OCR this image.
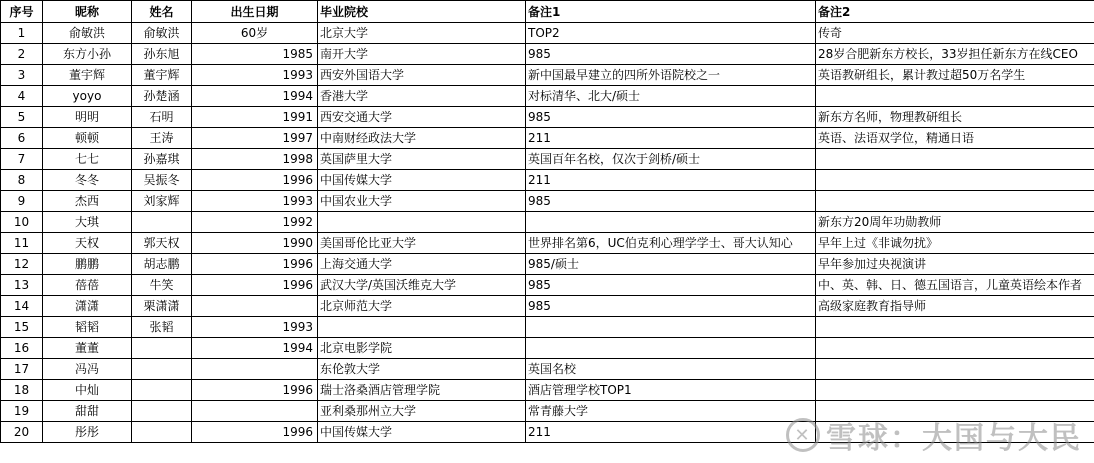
序号	昵称	姓名	出生日期	毕业院校	备注1	备注2
1	俞敏洪	俞敏洪	60岁	北京大学	TOP2	传奇
2	东方小孙	孙东旭	1985	南开大学	985	28岁合肥新东方校长，33岁担任新东方在线CEO
3	董宇辉	董宇辉	1993	西安外国语大学	新中国最早建立的四所外语院校之一	英语教研组长，累计教过超50万名学生
4	yoyo	孙楚涵	1994	香港大学	对标清华、北大/硕士	
5	明明	石明	1991	西安交通大学	985	新东方名师，物理教研组长
6	顿顿	王涛	1997	中南财经政法大学	211	英语、法语双学位，精通日语
7	七七	孙嘉琪	1998	英国萨里大学	英国百年名校，仅次于剑桥/硕士	
8	冬冬	吴振冬	1996	中国传媒大学	211	
9	杰西	刘家辉	1993	中国农业大学	985	
10	大琪		1992			新东方20周年功勋教师
11	天权	郭天权	1990	美国哥伦比亚大学	世界排名第6，UC伯克利心理学学士、哥大认知心	早年上过《非诚勿扰》
12	鹏鹏	胡志鹏	1996	上海交通大学	985/硕士	早年参加过央视演讲
13	蓓蓓	牛笑	1996	武汉大学/英国沃维克大学	985	中、英、韩、日、德五国语言，儿童英语绘本作者
14	潇潇	栗潇潇		北京师范大学	985	高级家庭教育指导师
15	韬韬	张韬	1993			
16	董董		1994	北京电影学院		
17	冯冯			东伦敦大学	英国名校	
18	中灿		1996	瑞士洛桑酒店管理学院	酒店管理学校TOP1	
19	甜甜			亚利桑那州立大学	常青藤大学	
20	彤彤		1996	中国传媒大学	211		✕ 雪球：大国与大民
